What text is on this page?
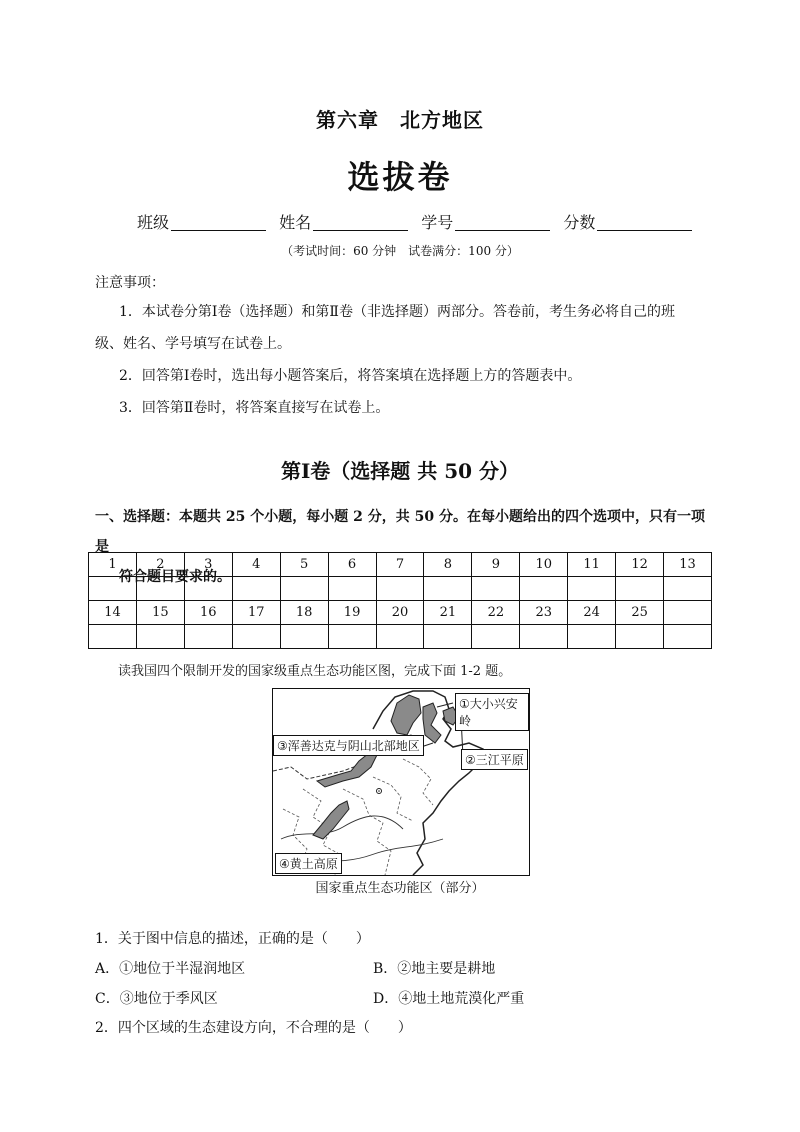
第六章　北方地区
选拔卷
班级	姓名	学号	分数
（考试时间：60 分钟　试卷满分：100 分）
注意事项：

1．本试卷分第Ⅰ卷（选择题）和第Ⅱ卷（非选择题）两部分。答卷前，考生务必将自己的班

级、姓名、学号填写在试卷上。

2．回答第Ⅰ卷时，选出每小题答案后，将答案填在选择题上方的答题表中。

3．回答第Ⅱ卷时，将答案直接写在试卷上。

第Ⅰ卷（选择题 共 50 分）
一、选择题：本题共 25 个小题，每小题 2 分，共 50 分。在每小题给出的四个选项中，只有一项是
符合题目要求的。
1	2	3	4	5	6	7	8	9	10	11	12	13

14	15	16	17	18	19	20	21	22	23	24	25	

读我国四个限制开发的国家级重点生态功能区图，完成下面 1-2 题。
①大小兴安岭
②三江平原
③浑善达克与阴山北部地区
④黄土高原
国家重点生态功能区（部分）
1．关于图中信息的描述，正确的是（　　）
A．①地位于半湿润地区	B．②地主要是耕地
C．③地位于季风区	D．④地土地荒漠化严重
2．四个区域的生态建设方向，不合理的是（　　）
